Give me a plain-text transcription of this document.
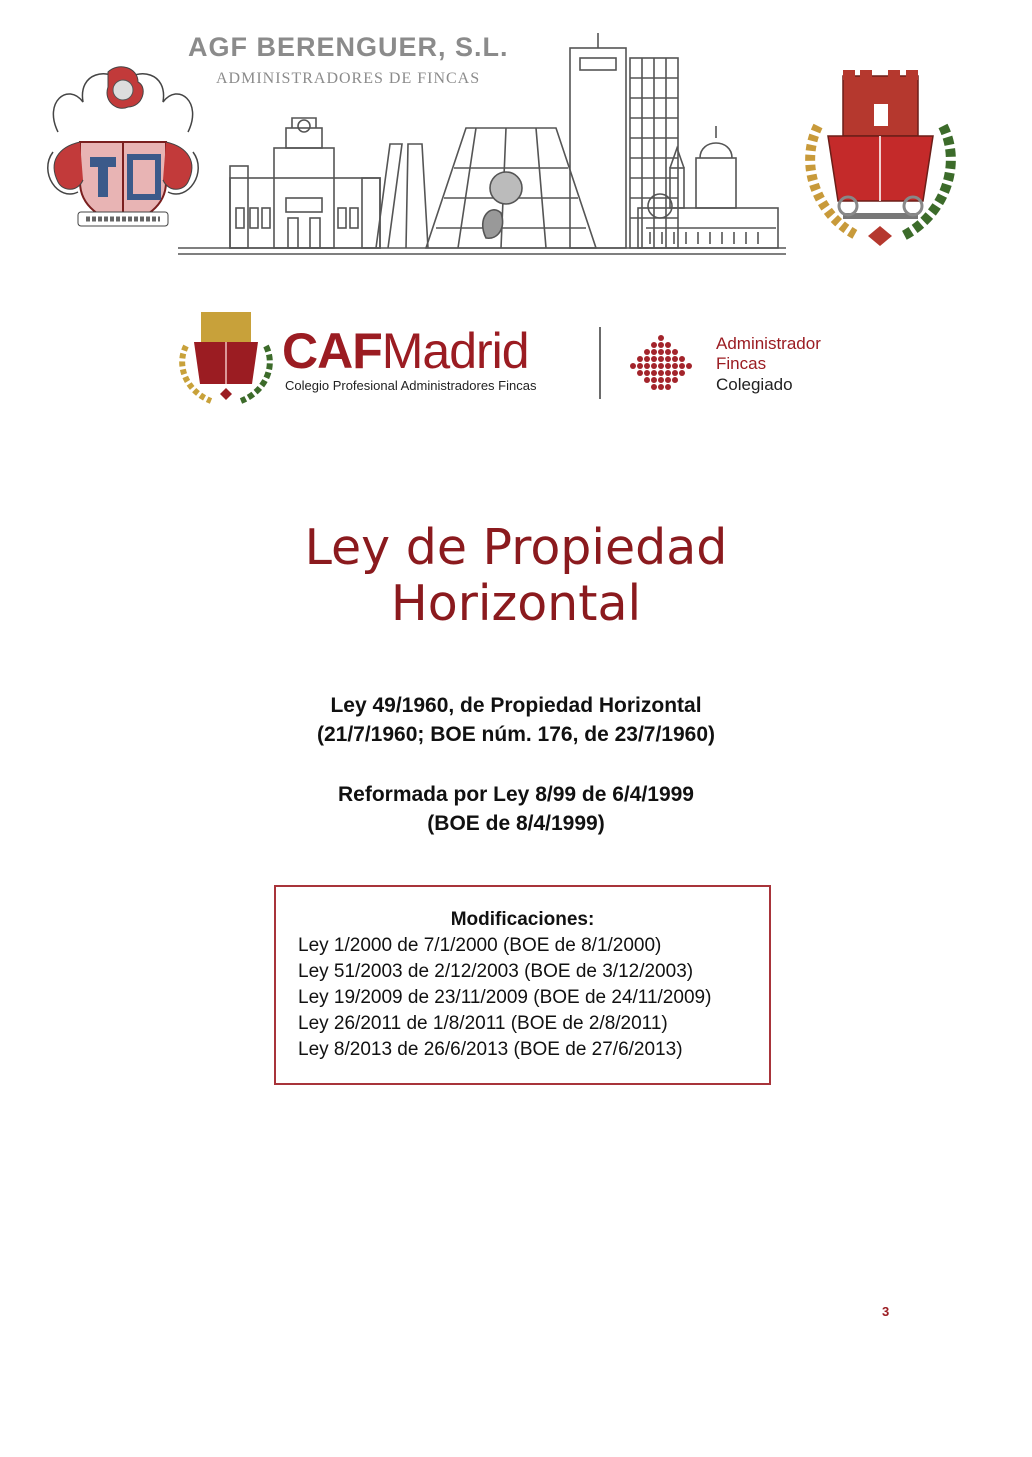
AGF BERENGUER, S.L.
ADMINISTRADORES DE FINCAS
CAFMadrid
Colegio Profesional Administradores Fincas
Administrador
Fincas
Colegiado
Ley de Propiedad
Horizontal
Ley 49/1960, de Propiedad Horizontal
(21/7/1960; BOE núm. 176, de 23/7/1960)
Reformada por Ley 8/99 de 6/4/1999
(BOE de 8/4/1999)
Modificaciones:
Ley 1/2000 de 7/1/2000 (BOE de 8/1/2000)
Ley 51/2003 de 2/12/2003 (BOE de 3/12/2003)
Ley 19/2009 de 23/11/2009 (BOE de 24/11/2009)
Ley 26/2011 de 1/8/2011 (BOE de 2/8/2011)
Ley 8/2013 de 26/6/2013 (BOE de 27/6/2013)
3
